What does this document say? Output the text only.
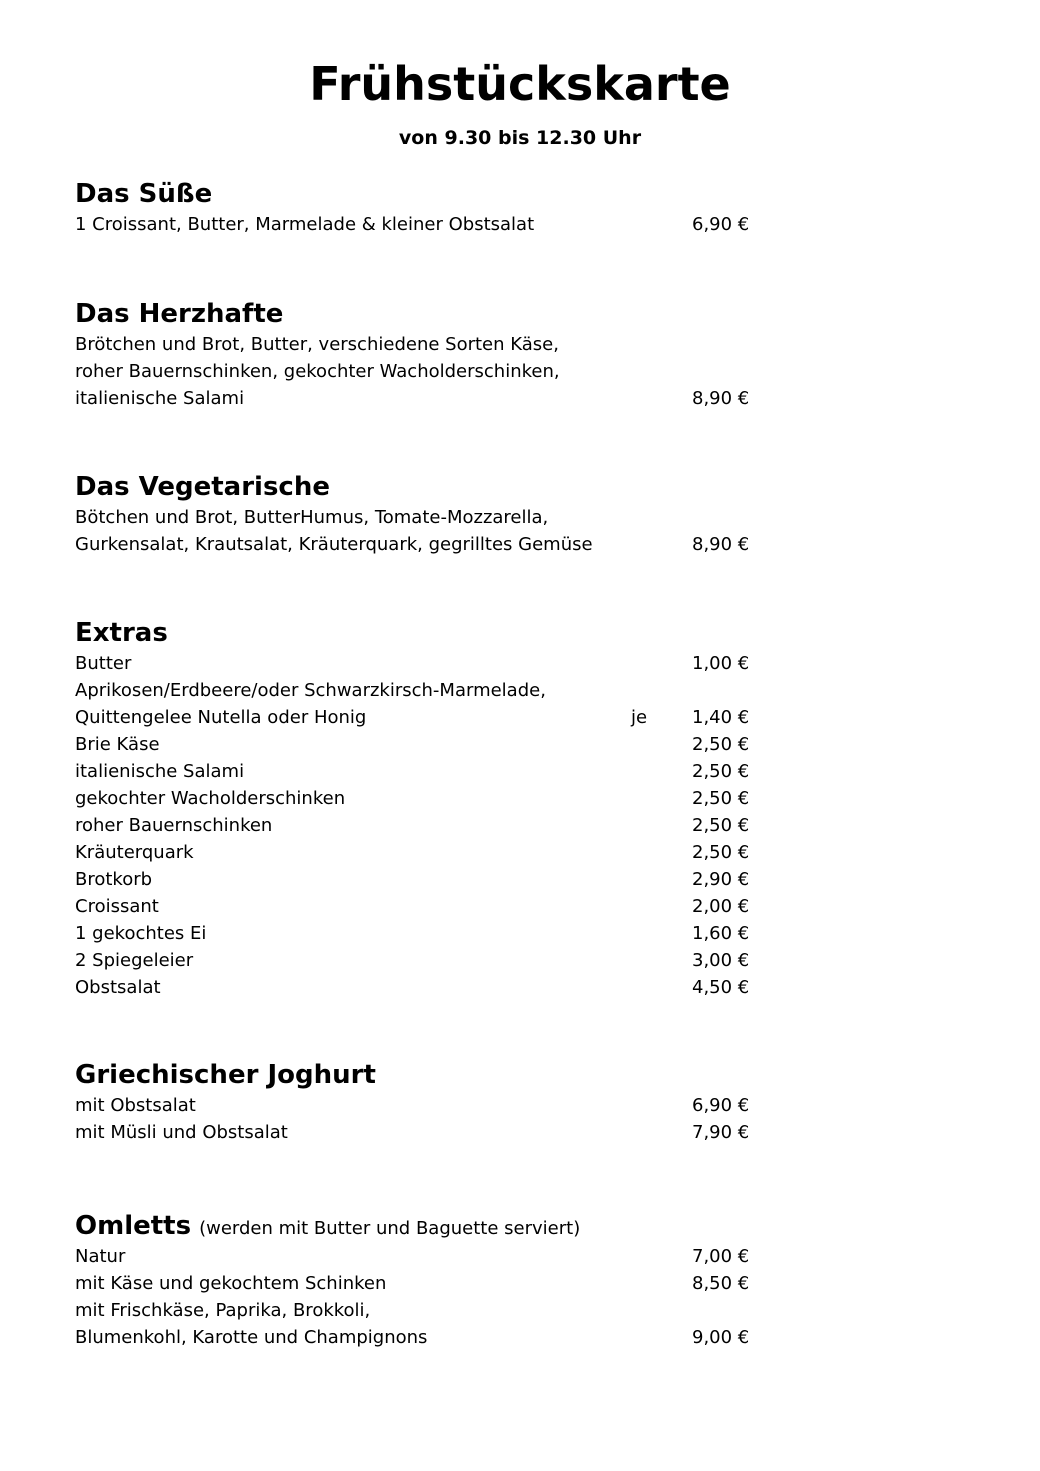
Frühstückskarte
von 9.30 bis 12.30 Uhr
Das Süße
1 Croissant, Butter, Marmelade & kleiner Obstsalat	6,90 €
Das Herzhafte
Brötchen und Brot, Butter, verschiedene Sorten Käse,
roher Bauernschinken, gekochter Wacholderschinken,
italienische Salami	8,90 €
Das Vegetarische
Bötchen und Brot, ButterHumus, Tomate-Mozzarella,
Gurkensalat, Krautsalat, Kräuterquark, gegrilltes Gemüse	8,90 €
Extras
Butter	1,00 €
Aprikosen/Erdbeere/oder Schwarzkirsch-Marmelade,
Quittengelee Nutella oder Honig	je 1,40 €
Brie Käse	2,50 €
italienische Salami	2,50 €
gekochter Wacholderschinken	2,50 €
roher Bauernschinken	2,50 €
Kräuterquark	2,50 €
Brotkorb	2,90 €
Croissant	2,00 €
1 gekochtes Ei	1,60 €
2 Spiegeleier	3,00 €
Obstsalat	4,50 €
Griechischer Joghurt
mit Obstsalat	6,90 €
mit Müsli und Obstsalat	7,90 €
Omletts (werden mit Butter und Baguette serviert)
Natur	7,00 €
mit Käse und gekochtem Schinken	8,50 €
mit Frischkäse, Paprika, Brokkoli,
Blumenkohl, Karotte und Champignons	9,00 €
